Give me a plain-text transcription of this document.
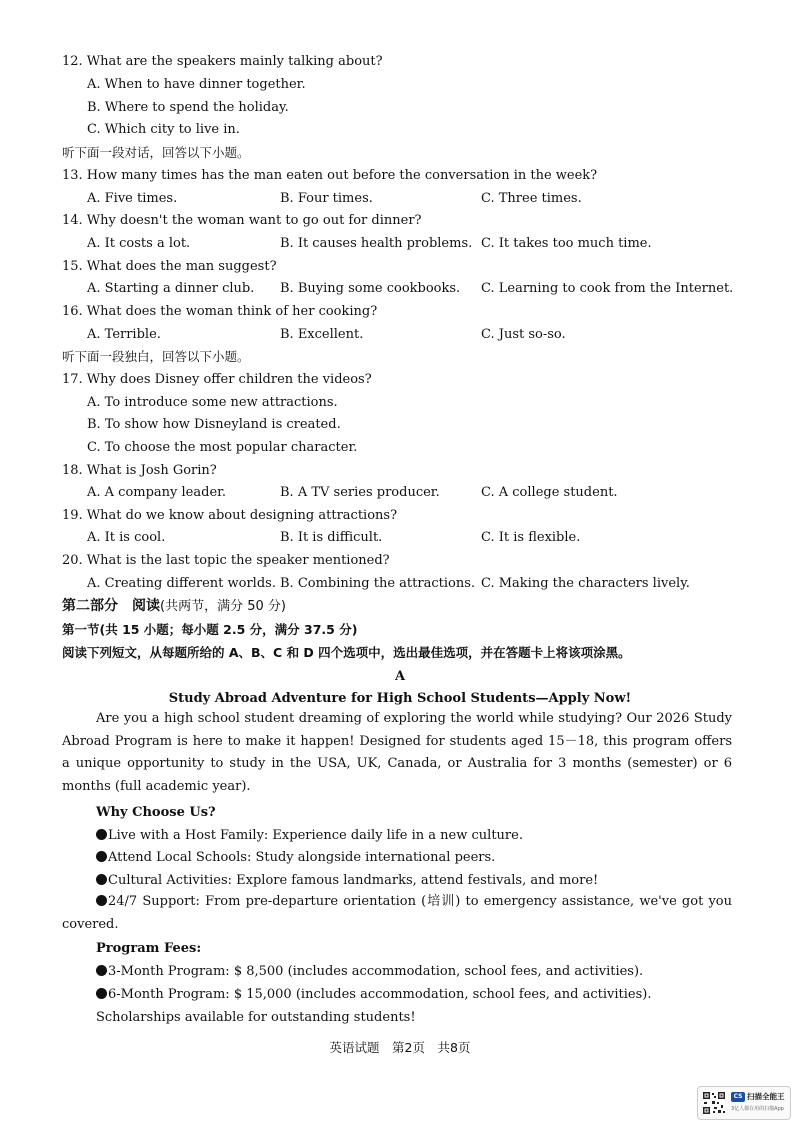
12. What are the speakers mainly talking about?
A. When to have dinner together.
B. Where to spend the holiday.
C. Which city to live in.
听下面一段对话，回答以下小题。
13. How many times has the man eaten out before the conversation in the week?
A. Five times.	B. Four times.	C. Three times.
14. Why doesn't the woman want to go out for dinner?
A. It costs a lot.	B. It causes health problems. C. It takes too much time.
15. What does the man suggest?
A. Starting a dinner club. B. Buying some cookbooks. C. Learning to cook from the Internet.
16. What does the woman think of her cooking?
A. Terrible.	B. Excellent.	C. Just so-so.
听下面一段独白，回答以下小题。
17. Why does Disney offer children the videos?
A. To introduce some new attractions.
B. To show how Disneyland is created.
C. To choose the most popular character.
18. What is Josh Gorin?
A. A company leader.	B. A TV series producer.	C. A college student.
19. What do we know about designing attractions?
A. It is cool.	B. It is difficult.	C. It is flexible.
20. What is the last topic the speaker mentioned?
A. Creating different worlds. B. Combining the attractions. C. Making the characters lively.
第二部分　阅读(共两节，满分 50 分)
第一节(共 15 小题；每小题 2.5 分，满分 37.5 分)
阅读下列短文，从每题所给的 A、B、C 和 D 四个选项中，选出最佳选项，并在答题卡上将该项涂黑。
A
Study Abroad Adventure for High School Students—Apply Now!
Are you a high school student dreaming of exploring the world while studying? Our 2026 Study Abroad Program is here to make it happen! Designed for students aged 15－18, this program offers a unique opportunity to study in the USA, UK, Canada, or Australia for 3 months (semester) or 6 months (full academic year).
Why Choose Us?
Live with a Host Family: Experience daily life in a new culture.
Attend Local Schools: Study alongside international peers.
Cultural Activities: Explore famous landmarks, attend festivals, and more!
24/7 Support: From pre-departure orientation (培训) to emergency assistance, we've got you covered.
Program Fees:
3-Month Program: $ 8,500 (includes accommodation, school fees, and activities).
6-Month Program: $ 15,000 (includes accommodation, school fees, and activities).
Scholarships available for outstanding students!
英语试题　第2页　共8页
CS 扫描全能王
3亿人都在用的扫描App
